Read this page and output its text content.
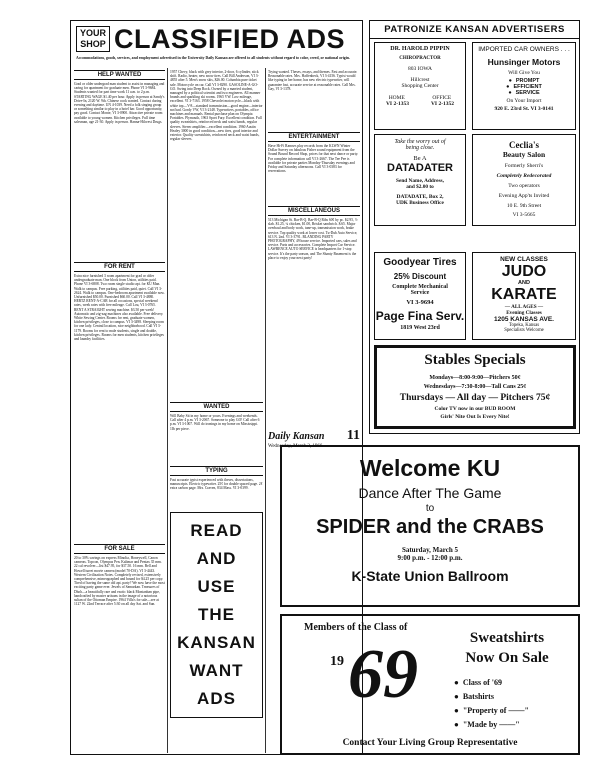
YOUR
SHOP CLASSIFIED ADS
Accommodations, goods, services, and employment advertised in the University Daily Kansan are offered to all students without regard to color, creed, or national origin.
HELP WANTED
Grad or older undergrad man student to assist in managing and caring for apartment for graduate men. Phone VI 3-9684. Students wanted for part time work 11 a.m. to 2 p.m. STARTING WAGE $1.40 per hour. Apply in person at Sandy's Drive-In, 2120 W. 9th. Chinese cook wanted. Contact during evening and daytime. UN 4-1039. Need a folk singing group or something similar to play in a hotel bar. Good opportunity, pay good. Contact Monte, VI 3-0900. Attractive private room available to young women. Kitchen privileges. Full time salesman, age 21-30. Apply in person. Hanna-Hilcrest Drugs.
FOR RENT
Extra nice furnished 3 room apartment for grad or older undergraduate man. One block from Union, utilities paid. Phone VI 3-6808. Two room single studio apt. for KU Man. Walk to campus. Free parking, utilities paid, quiet. Call VI 3-2624. Walk to campus. One-bedroom apartment available now. Unfurnished $50.00. Furnished $60.00. Call VI 3-4880. HERTZ RENT-A-CAR for all occasions, special weekend rates, week rates with free mileage. Call Lou, VI 3-0765. RENT A STRAIGHT sewing machine. $3.50 per week! Automatic and zig-zag machines also available. Free delivery. White Sewing Center. Rooms for rent, graduate women, kitchen privileges, close to campus. VI 3-3498. Sleeping room for one lady. Central location, nice neighborhood. Call VI 3-1179. Rooms for rent to male students, single and double, kitchen privileges. Rooms for men students, kitchen privileges and laundry facilities.
FOR SALE
20 to 30% savings on express Minolta, Honeywell, Canon cameras. Topcon, Olympus Pen. Kalimar and Pentax 35 mm. 22 cal revolver—list $47.95, for $37.50. 16 mm. Bell and Howell turret movie camera (model 70-DA). VI 3-4443. Western Civilization Notes. Completely revised, extensively comprehensive, mimeographed and bound for $4.25 per copy. Tired of having the same old apt. party? We now have the most exciting party game ever. Jewels of Samarkan. Treasures of Dhoh—a beautifully rare and exotic black Montanban pipe, handcrafted by master artisans in the image of a notorious sultan of the Ottoman Empire. 1964 Villa's for sale—see at 1127 W. 22nd Terrace after 5:30 on all day Sat. and Sun.
1957 Chevy, black with grey interior, 2-door, 6 cylinder, stick shift. Radio, heater, new snow tires. Call Bill Anderson, VI 3-4855 after 5. Men's snow skis, $26.00. Columbia pure ticket sale. Motorcycle on car. Call VI 3-8290. GASOLINE-A-GO-GO. Swing into Deep Rock. Owned by a married student, managed by a political scientist and two engineers. All manner brands and sparkling ski rooms. 1965 VW. Low mileage, excellent. VI 3-7163. 1958 Chevrolet motorcycle—black with white top—V-8—standard transmission—good engine—interior not bad. Gordy VW, VI 3-2148. Typewriters, portables, office machines and manuals. Rental purchase plan on Olympia Portables. Plymouth, 1963 Sport Fury. Excellent condition. Full quality sweatshirts, reinforced neck and waist bands, regular sleeves. Stereo amplifier—excellent condition. 1960 Austin Healey 3000 in good condition—new tires, good interior and exterior. Quality sweatshirts, reinforced neck and waist bands, regular sleeves.
WANTED
Will Baby Sit in my home or yours. Evenings and weekends. Call after 4 p.m. VI 3-2067. Someone to play GO! Call after 6 p.m. VI 3-1007. Will do ironings in my home on Mississippi. 1Ib per piece.
TYPING
Fast accurate typist experienced with theses, dissertations, manuscripts. Electric typewriter. 25¢ for double spaced page. 2¢ extra carbon page. Mrs. Craven, 834 Mass. VI 3-0399.
READ
AND
USE
THE
KANSAN
WANT
ADS
Trying wanted. Theses, essays, and themes. Fast and accurate. Reasonable rates. Mrs. Haffenbeck, VI 3-4156. Typist would like typing in her home, has new electric typewriter, will guarantee fast, accurate service at reasonable rates. Call Mrs. Gay, VI 3-1378.
ENTERTAINMENT
Have Hi-Fi Ramses play records from the KLWN Winter Dollar Survey on fabulous Fisher sound equipment from the Sound Bound Record Shop, prices for that next dance or party. For complete information call VI 3-2667. The Tee Pee is available for private parties Monday-Thursday evenings and Friday and Saturday afternoons. Call VI 3-0383 for reservations.
MISCELLANEOUS
513 Michigan St. Bar-B-Q. Bar-B-Q Ribs 60¢ by pc. $2.95, ½ slab. $1.25, ¼ chicken, $1.00, Brisket sandwich. $.65. Major overhaul and body work, tune-up, transmission work, brake service. Top quality work at lower cost. Tu-Dub Auto Service, 613 N. 2nd. VI 3-3791. BLANDING PARTY PHOTOGRAPHY, 49 house service. Imported cars, sales and service. Parts and accessories. Complete Import Car Service. LAWRENCE AUTO SERVICE is headquarters for 1-stop service. It's the party season, and The Shanty Basement is the place to enjoy your next party!
Daily Kansan 11
Wednesday, March 2, 1966
PATRONIZE KANSAN ADVERTISERS
DR. HAROLD PIPPIN
CHIROPRACTOR
803 IOWA
Hillcrest
Shopping Center
HOME	OFFICE
VI 2-1353	VI 2-1352
IMPORTED CAR OWNERS . . .
Hunsinger Motors
Will Give You
● PROMPT
● EFFICIENT
● SERVICE
On Your Import
920 E. 23rd St. VI 3-0141
Take the worry out of
being close.
Be A
DATADATER
Send Name, Address,
and $2.00 to
DATADATE, Box 2,
UDK Business Office
Ceclia's
Beauty Salon
Formerly Sherri's
Completely Redecorated
Two operators
Evening App'ts Invited
10 E. 9th Street
VI 3-5665
Goodyear Tires
25% Discount
Complete Mechanical
Service
VI 3-9694
Page Fina Serv.
1819 West 23rd
NEW CLASSES
JUDO
AND
KARATE
— ALL AGES —
Evening Classes
1205 KANSAS AVE.
Topeka, Kansas
Specialists Welcome
Stables Specials
Mondays—8:00-9:00—Pitchers 50¢
Wednesdays—7:30-8:00—Tall Cans 25¢
Thursdays — All day — Pitchers 75¢
Color TV now in our BUD ROOM
Girls' Nite Out Is Every Nite!
Welcome KU
Dance After The Game
to
SPIDER and the CRABS
Saturday, March 5
9:00 p.m. - 12:00 p.m.
K-State Union Ballroom
Members of the Class of
19 69	Sweatshirts
Now On Sale
● Class of '69
● Batshirts
● "Property of ——"
● "Made by ——"
Contact Your Living Group Representative
